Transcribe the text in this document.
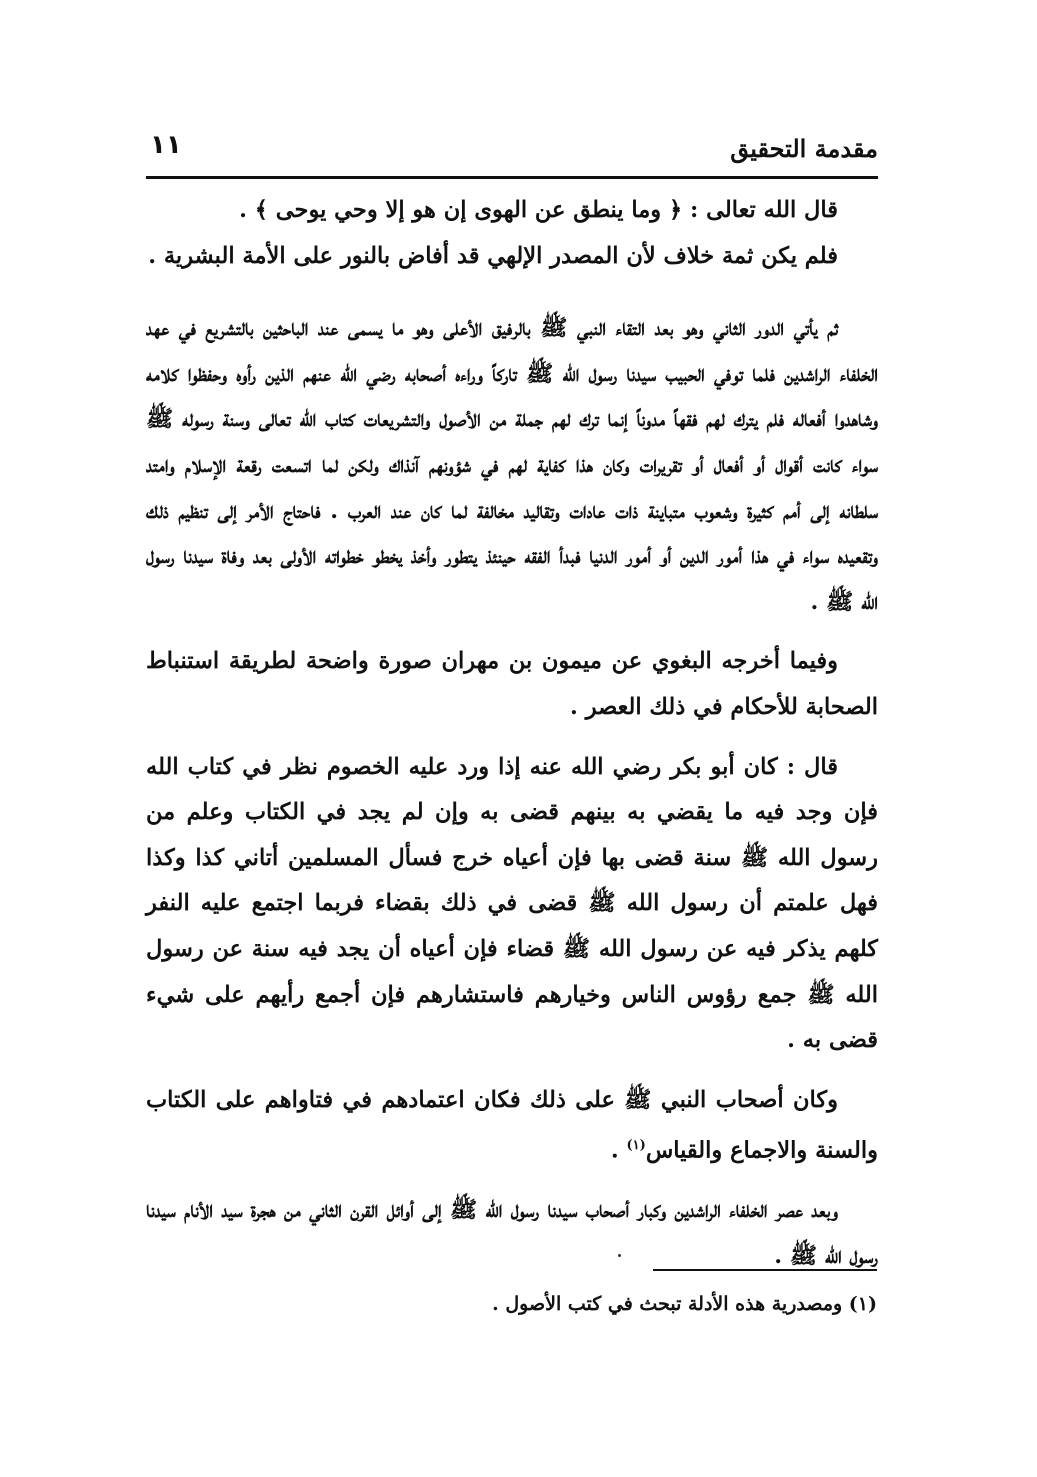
مقدمة التحقيق
١١

قال الله تعالى : ﴿ وما ينطق عن الهوى إن هو إلا وحي يوحى ﴾ .

فلم يكن ثمة خلاف لأن المصدر الإلهي قد أفاض بالنور على الأمة البشرية .

ثم يأتي الدور الثاني وهو بعد التقاء النبي ﷺ بالرفيق الأعلى وهو ما يسمى عند الباحثين بالتشريع في عهد الخلفاء الراشدين فلما توفي الحبيب سيدنا رسول الله ﷺ تاركاً وراءه أصحابه رضي الله عنهم الذين رأوه وحفظوا كلامه وشاهدوا أفعاله فلم يترك لهم فقهاً مدوناً إنما ترك لهم جملة من الأصول والتشريعات كتاب الله تعالى وسنة رسوله ﷺ سواء كانت أقوال أو أفعال أو تقريرات وكان هذا كفاية لهم في شؤونهم آنذاك ولكن لما اتسعت رقعة الإسلام وامتد سلطانه إلى أمم كثيرة وشعوب متباينة ذات عادات وتقاليد مخالفة لما كان عند العرب . فاحتاج الأمر إلى تنظيم ذلك وتقعيده سواء في هذا أمور الدين أو أمور الدنيا فبدأ الفقه حينئذ يتطور وأخذ يخطو خطواته الأولى بعد وفاة سيدنا رسول الله ﷺ .

وفيما أخرجه البغوي عن ميمون بن مهران صورة واضحة لطريقة استنباط الصحابة للأحكام في ذلك العصر .

قال : كان أبو بكر رضي الله عنه إذا ورد عليه الخصوم نظر في كتاب الله فإن وجد فيه ما يقضي به بينهم قضى به وإن لم يجد في الكتاب وعلم من رسول الله ﷺ سنة قضى بها فإن أعياه خرج فسأل المسلمين أتاني كذا وكذا فهل علمتم أن رسول الله ﷺ قضى في ذلك بقضاء فربما اجتمع عليه النفر كلهم يذكر فيه عن رسول الله ﷺ قضاء فإن أعياه أن يجد فيه سنة عن رسول الله ﷺ جمع رؤوس الناس وخيارهم فاستشارهم فإن أجمع رأيهم على شيء قضى به .

وكان أصحاب النبي ﷺ على ذلك فكان اعتمادهم في فتاواهم على الكتاب والسنة والاجماع والقياس$^{(١)}$ .

وبعد عصر الخلفاء الراشدين وكبار أصحاب سيدنا رسول الله ﷺ إلى أوائل القرن الثاني من هجرة سيد الأنام سيدنا رسول الله ﷺ .

(١) ومصدرية هذه الأدلة تبحث في كتب الأصول .
